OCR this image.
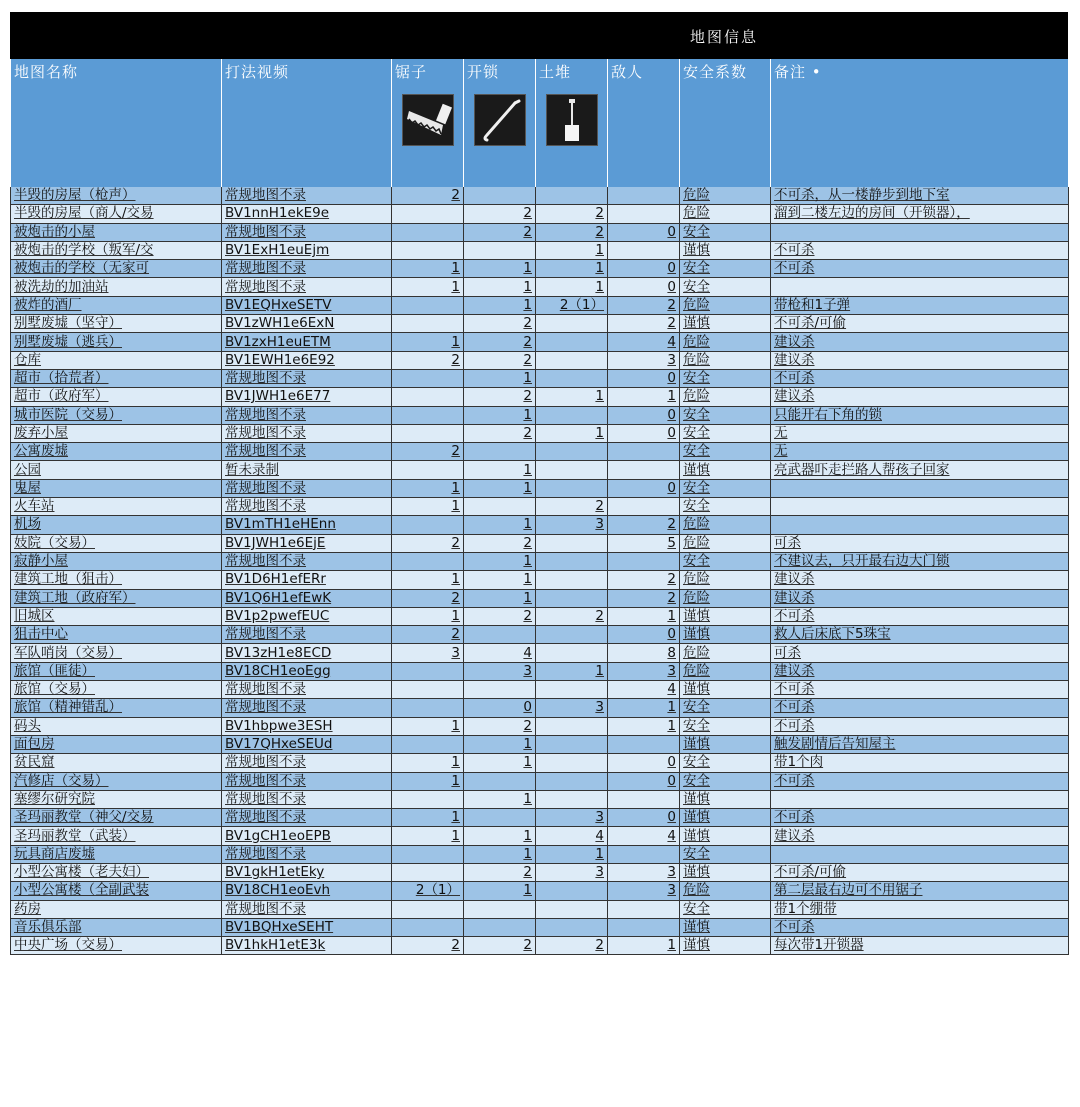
地图信息
地图名称	打法视频	锯子	开锁	土堆	敌人	安全系数	备注 •
半毁的房屋（枪声）	常规地图不录	2				危险	不可杀，从一楼静步到地下室
半毁的房屋（商人/交易	BV1nnH1ekE9e		2	2		危险	溜到二楼左边的房间（开锁器），
被炮击的小屋	常规地图不录		2	2	0	安全	
被炮击的学校（叛军/交	BV1ExH1euEjm			1		谨慎	不可杀
被炮击的学校（无家可	常规地图不录	1	1	1	0	安全	不可杀
被洗劫的加油站	常规地图不录	1	1	1	0	安全	
被炸的酒厂	BV1EQHxeSETV		1	2（1）	2	危险	带枪和1子弹
别墅废墟（坚守）	BV1zWH1e6ExN		2		2	谨慎	不可杀/可偷
别墅废墟（逃兵）	BV1zxH1euETM	1	2		4	危险	建议杀
仓库	BV1EWH1e6E92	2	2		3	危险	建议杀
超市（拾荒者）	常规地图不录		1		0	安全	不可杀
超市（政府军）	BV1JWH1e6E77		2	1	1	危险	建议杀
城市医院（交易）	常规地图不录		1		0	安全	只能开右下角的锁
废弃小屋	常规地图不录		2	1	0	安全	无
公寓废墟	常规地图不录	2				安全	无
公园	暂未录制		1			谨慎	亮武器吓走拦路人帮孩子回家
鬼屋	常规地图不录	1	1		0	安全	
火车站	常规地图不录	1		2		安全	
机场	BV1mTH1eHEnn		1	3	2	危险	
妓院（交易）	BV1JWH1e6EjE	2	2		5	危险	可杀
寂静小屋	常规地图不录		1			安全	不建议去，只开最右边大门锁
建筑工地（狙击）	BV1D6H1efERr	1	1		2	危险	建议杀
建筑工地（政府军）	BV1Q6H1efEwK	2	1		2	危险	建议杀
旧城区	BV1p2pwefEUC	1	2	2	1	谨慎	不可杀
狙击中心	常规地图不录	2			0	谨慎	救人后床底下5珠宝
军队哨岗（交易）	BV13zH1e8ECD	3	4		8	危险	可杀
旅馆（匪徒）	BV18CH1eoEgg		3	1	3	危险	建议杀
旅馆（交易）	常规地图不录				4	谨慎	不可杀
旅馆（精神错乱）	常规地图不录		0	3	1	安全	不可杀
码头	BV1hbpwe3ESH	1	2		1	安全	不可杀
面包房	BV17QHxeSEUd		1			谨慎	触发剧情后告知屋主
贫民窟	常规地图不录	1	1		0	安全	带1个肉
汽修店（交易）	常规地图不录	1			0	安全	不可杀
塞缪尔研究院	常规地图不录		1			谨慎	
圣玛丽教堂（神父/交易	常规地图不录	1		3	0	谨慎	不可杀
圣玛丽教堂（武装）	BV1gCH1eoEPB	1	1	4	4	谨慎	建议杀
玩具商店废墟	常规地图不录		1	1		安全	
小型公寓楼（老夫妇）	BV1gkH1etEky		2	3	3	谨慎	不可杀/可偷
小型公寓楼（全副武装	BV18CH1eoEvh	2（1）	1		3	危险	第二层最右边可不用锯子
药房	常规地图不录					安全	带1个绷带
音乐俱乐部	BV1BQHxeSEHT					谨慎	不可杀
中央广场（交易）	BV1hkH1etE3k	2	2	2	1	谨慎	每次带1开锁器
